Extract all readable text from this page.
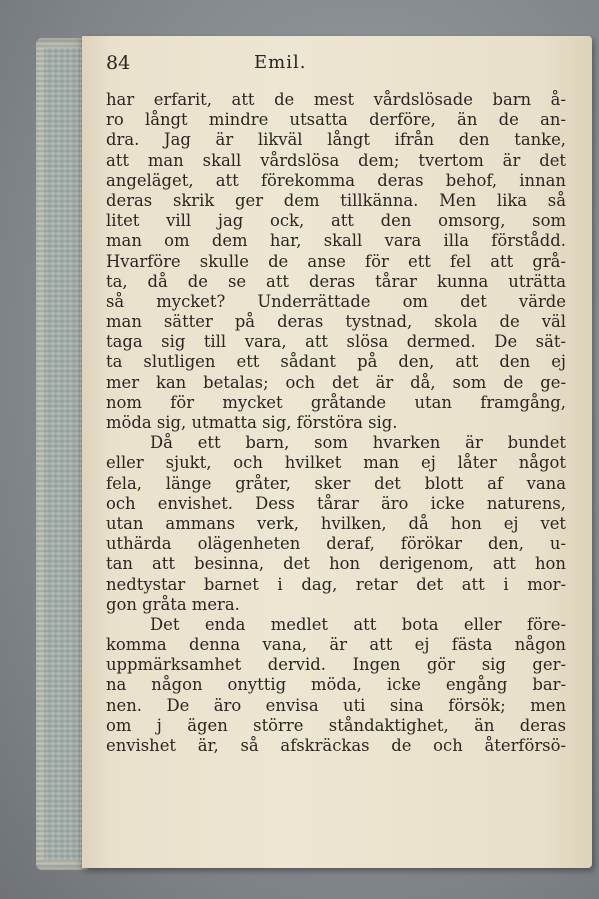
84	Emil.
har erfarit, att de mest vårdslösade barn å-
ro långt mindre utsatta derföre, än de an-
dra. Jag är likväl långt ifrån den tanke,
att man skall vårdslösa dem; tvertom är det
angeläget, att förekomma deras behof, innan
deras skrik ger dem tillkänna. Men lika så
litet vill jag ock, att den omsorg, som
man om dem har, skall vara illa förstådd.
Hvarföre skulle de anse för ett fel att grå-
ta, då de se att deras tårar kunna uträtta
så mycket? Underrättade om det värde
man sätter på deras tystnad, skola de väl
taga sig till vara, att slösa dermed. De sät-
ta slutligen ett sådant på den, att den ej
mer kan betalas; och det är då, som de ge-
nom för mycket gråtande utan framgång,
möda sig, utmatta sig, förstöra sig.
Då ett barn, som hvarken är bundet
eller sjukt, och hvilket man ej låter något
fela, länge gråter, sker det blott af vana
och envishet. Dess tårar äro icke naturens,
utan ammans verk, hvilken, då hon ej vet
uthärda olägenheten deraf, förökar den, u-
tan att besinna, det hon derigenom, att hon
nedtystar barnet i dag, retar det att i mor-
gon gråta mera.
Det enda medlet att bota eller före-
komma denna vana, är att ej fästa någon
uppmärksamhet dervid. Ingen gör sig ger-
na någon onyttig möda, icke engång bar-
nen. De äro envisa uti sina försök; men
om j ägen större ståndaktighet, än deras
envishet är, så afskräckas de och återförsö-
